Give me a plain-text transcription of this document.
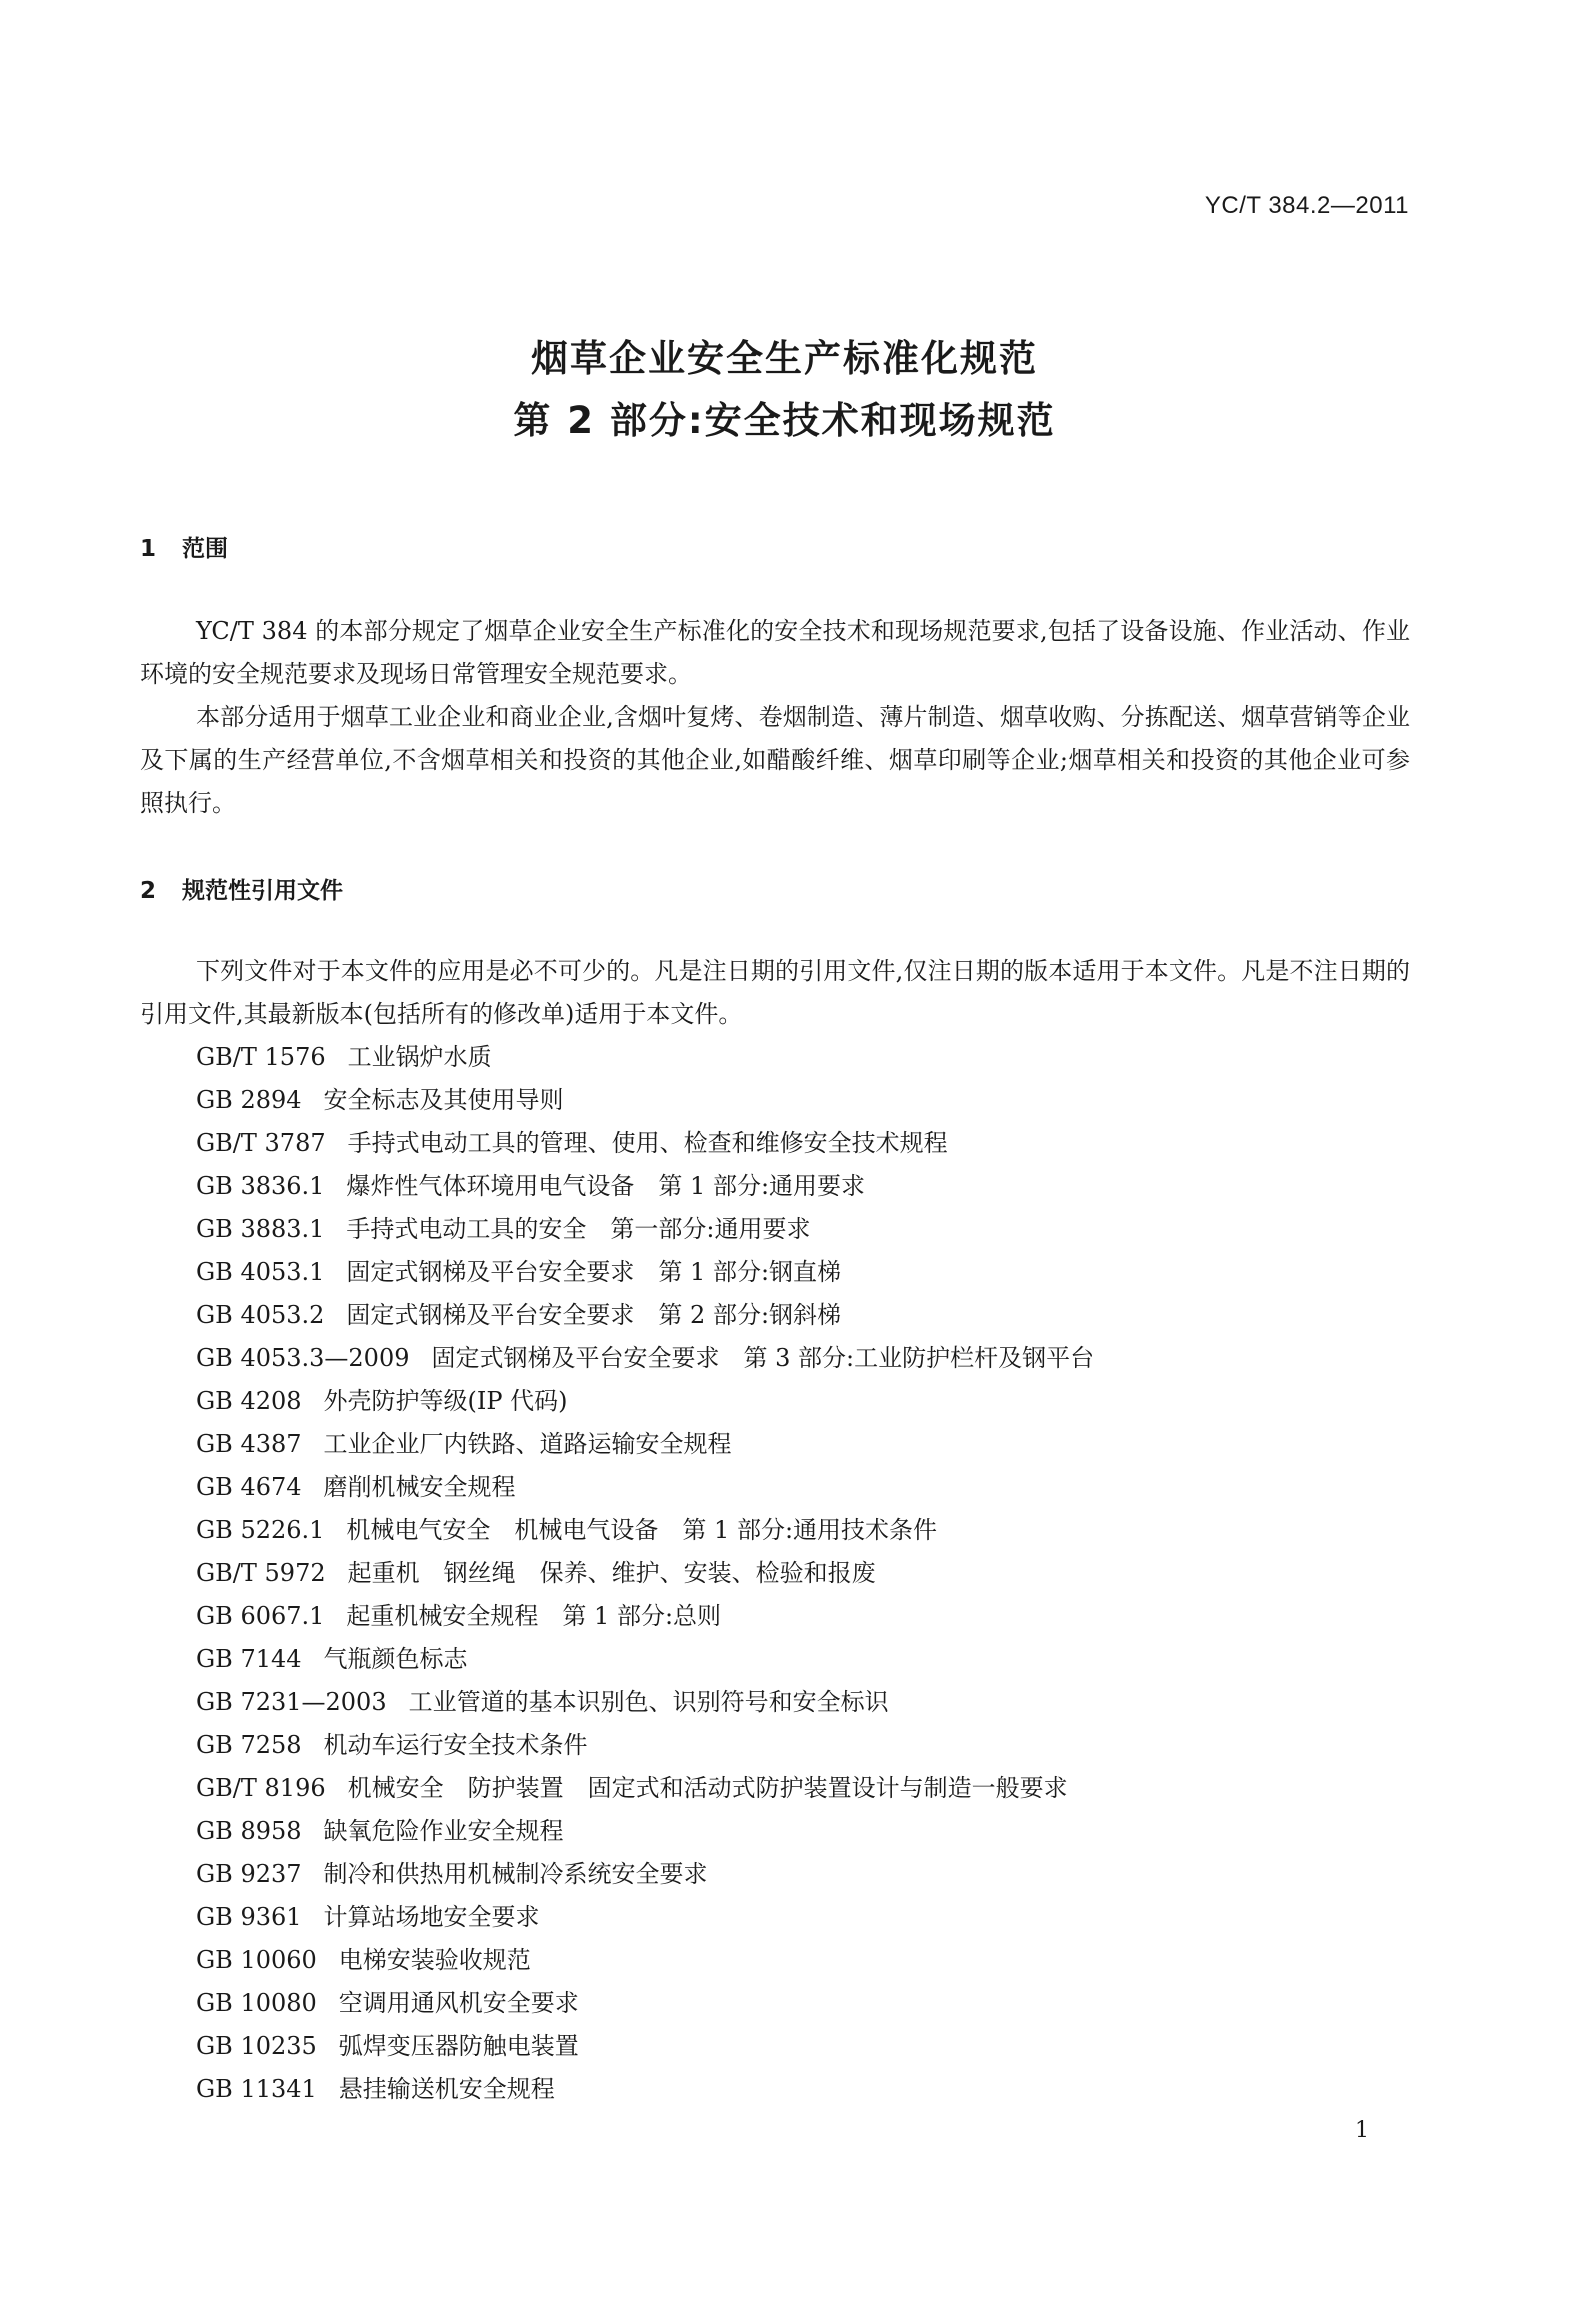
YC/T 384.2—2011
烟草企业安全生产标准化规范
第 2 部分:安全技术和现场规范
1 范围
YC/T 384 的本部分规定了烟草企业安全生产标准化的安全技术和现场规范要求,包括了设备设施、作业活动、作业环境的安全规范要求及现场日常管理安全规范要求。
本部分适用于烟草工业企业和商业企业,含烟叶复烤、卷烟制造、薄片制造、烟草收购、分拣配送、烟草营销等企业及下属的生产经营单位,不含烟草相关和投资的其他企业,如醋酸纤维、烟草印刷等企业;烟草相关和投资的其他企业可参照执行。
2 规范性引用文件
下列文件对于本文件的应用是必不可少的。凡是注日期的引用文件,仅注日期的版本适用于本文件。凡是不注日期的引用文件,其最新版本(包括所有的修改单)适用于本文件。
GB/T 1576 工业锅炉水质
GB 2894 安全标志及其使用导则
GB/T 3787 手持式电动工具的管理、使用、检查和维修安全技术规程
GB 3836.1 爆炸性气体环境用电气设备　第 1 部分:通用要求
GB 3883.1 手持式电动工具的安全　第一部分:通用要求
GB 4053.1 固定式钢梯及平台安全要求　第 1 部分:钢直梯
GB 4053.2 固定式钢梯及平台安全要求　第 2 部分:钢斜梯
GB 4053.3—2009 固定式钢梯及平台安全要求　第 3 部分:工业防护栏杆及钢平台
GB 4208 外壳防护等级(IP 代码)
GB 4387 工业企业厂内铁路、道路运输安全规程
GB 4674 磨削机械安全规程
GB 5226.1 机械电气安全　机械电气设备　第 1 部分:通用技术条件
GB/T 5972 起重机　钢丝绳　保养、维护、安装、检验和报废
GB 6067.1 起重机械安全规程　第 1 部分:总则
GB 7144 气瓶颜色标志
GB 7231—2003 工业管道的基本识别色、识别符号和安全标识
GB 7258 机动车运行安全技术条件
GB/T 8196 机械安全　防护装置　固定式和活动式防护装置设计与制造一般要求
GB 8958 缺氧危险作业安全规程
GB 9237 制冷和供热用机械制冷系统安全要求
GB 9361 计算站场地安全要求
GB 10060 电梯安装验收规范
GB 10080 空调用通风机安全要求
GB 10235 弧焊变压器防触电装置
GB 11341 悬挂输送机安全规程
1
